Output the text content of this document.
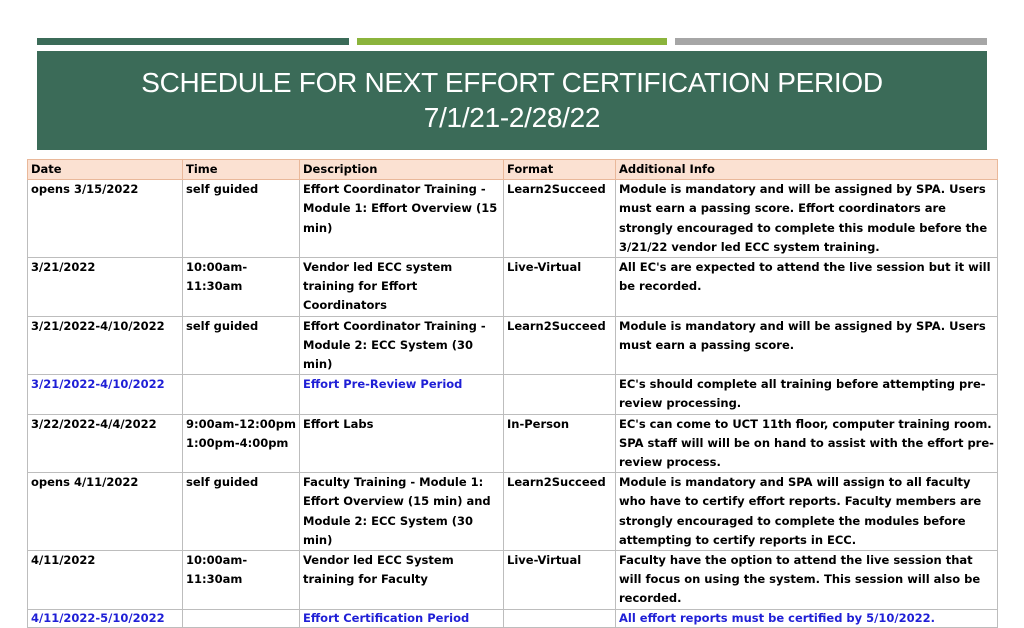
SCHEDULE FOR NEXT EFFORT CERTIFICATION PERIOD
7/1/21-2/28/22
Date	Time	Description	Format	Additional Info
opens 3/15/2022	self guided	Effort Coordinator Training - Module 1: Effort Overview (15 min)	Learn2Succeed	Module is mandatory and will be assigned by SPA. Users must earn a passing score. Effort coordinators are strongly encouraged to complete this module before the 3/21/22 vendor led ECC system training.
3/21/2022	10:00am-11:30am	Vendor led ECC system training for Effort Coordinators	Live-Virtual	All EC's are expected to attend the live session but it will be recorded.
3/21/2022-4/10/2022	self guided	Effort Coordinator Training - Module 2: ECC System (30 min)	Learn2Succeed	Module is mandatory and will be assigned by SPA. Users must earn a passing score.
3/21/2022-4/10/2022		Effort Pre-Review Period		EC's should complete all training before attempting pre-review processing.
3/22/2022-4/4/2022	9:00am-12:00pm 1:00pm-4:00pm	Effort Labs	In-Person	EC's can come to UCT 11th floor, computer training room. SPA staff will will be on hand to assist with the effort pre-review process.
opens 4/11/2022	self guided	Faculty Training - Module 1: Effort Overview (15 min) and Module 2: ECC System (30 min)	Learn2Succeed	Module is mandatory and SPA will assign to all faculty who have to certify effort reports. Faculty members are strongly encouraged to complete the modules before attempting to certify reports in ECC.
4/11/2022	10:00am-11:30am	Vendor led ECC System training for Faculty	Live-Virtual	Faculty have the option to attend the live session that will focus on using the system. This session will also be recorded.
4/11/2022-5/10/2022		Effort Certification Period		All effort reports must be certified by 5/10/2022.
